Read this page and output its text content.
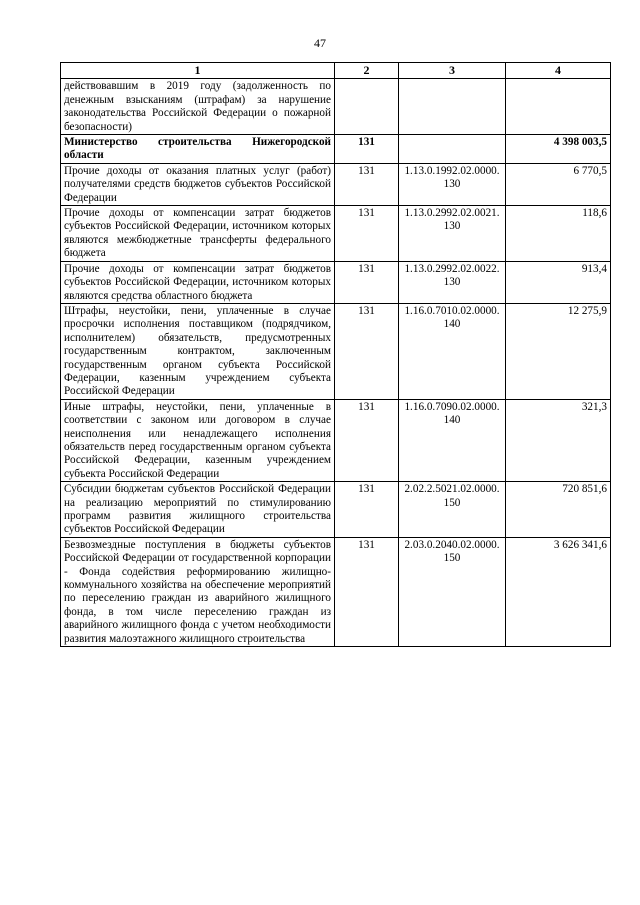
47
1	2	3	4
действовавшим в 2019 году (задолженность по денежным взысканиям (штрафам) за нарушение законодательства Российской Федерации о пожарной безопасности)			
Министерство строительства Нижегородской области	131		4 398 003,5
Прочие доходы от оказания платных услуг (работ) получателями средств бюджетов субъектов Российской Федерации	131	1.13.0.1992.02.0000. 130	6 770,5
Прочие доходы от компенсации затрат бюджетов субъектов Российской Федерации, источником которых являются межбюджетные трансферты федерального бюджета	131	1.13.0.2992.02.0021. 130	118,6
Прочие доходы от компенсации затрат бюджетов субъектов Российской Федерации, источником которых являются средства областного бюджета	131	1.13.0.2992.02.0022. 130	913,4
Штрафы, неустойки, пени, уплаченные в случае просрочки исполнения поставщиком (подрядчиком, исполнителем) обязательств, предусмотренных государственным контрактом, заключенным государственным органом субъекта Российской Федерации, казенным учреждением субъекта Российской Федерации	131	1.16.0.7010.02.0000. 140	12 275,9
Иные штрафы, неустойки, пени, уплаченные в соответствии с законом или договором в случае неисполнения или ненадлежащего исполнения обязательств перед государственным органом субъекта Российской Федерации, казенным учреждением субъекта Российской Федерации	131	1.16.0.7090.02.0000. 140	321,3
Субсидии бюджетам субъектов Российской Федерации на реализацию мероприятий по стимулированию программ развития жилищного строительства субъектов Российской Федерации	131	2.02.2.5021.02.0000. 150	720 851,6
Безвозмездные поступления в бюджеты субъектов Российской Федерации от государственной корпорации - Фонда содействия реформированию жилищно-коммунального хозяйства на обеспечение мероприятий по переселению граждан из аварийного жилищного фонда, в том числе переселению граждан из аварийного жилищного фонда с учетом необходимости развития малоэтажного жилищного строительства	131	2.03.0.2040.02.0000. 150	3 626 341,6
